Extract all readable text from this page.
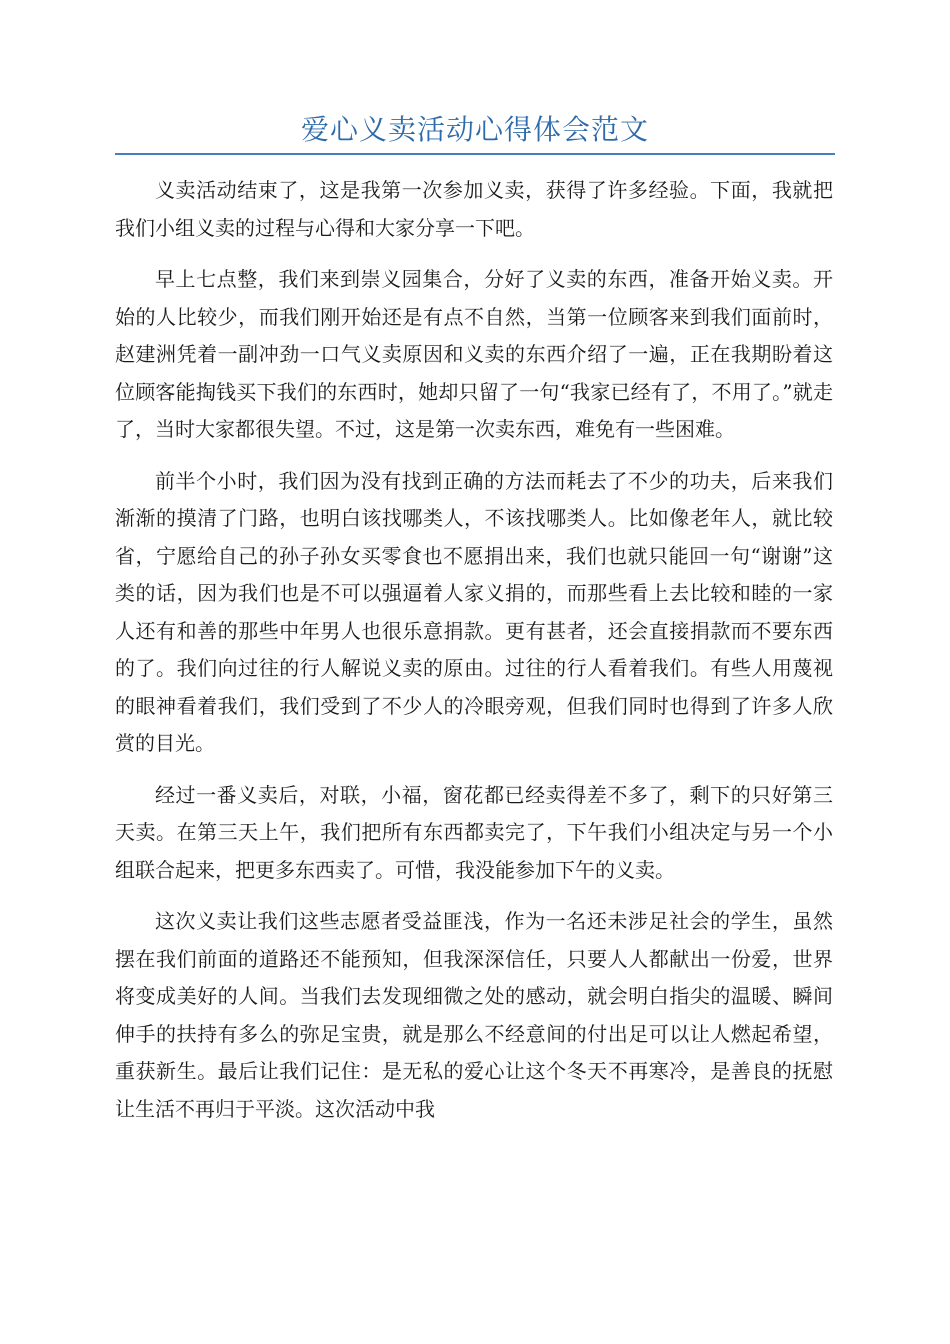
爱心义卖活动心得体会范文

义卖活动结束了，这是我第一次参加义卖，获得了许多经验。下面，我就把我们小组义卖的过程与心得和大家分享一下吧。

早上七点整，我们来到崇义园集合，分好了义卖的东西，准备开始义卖。开始的人比较少，而我们刚开始还是有点不自然，当第一位顾客来到我们面前时，赵建洲凭着一副冲劲一口气义卖原因和义卖的东西介绍了一遍，正在我期盼着这位顾客能掏钱买下我们的东西时，她却只留了一句“我家已经有了，不用了。”就走了，当时大家都很失望。不过，这是第一次卖东西，难免有一些困难。

前半个小时，我们因为没有找到正确的方法而耗去了不少的功夫，后来我们渐渐的摸清了门路，也明白该找哪类人，不该找哪类人。比如像老年人，就比较省，宁愿给自己的孙子孙女买零食也不愿捐出来，我们也就只能回一句“谢谢”这类的话，因为我们也是不可以强逼着人家义捐的，而那些看上去比较和睦的一家人还有和善的那些中年男人也很乐意捐款。更有甚者，还会直接捐款而不要东西的了。我们向过往的行人解说义卖的原由。过往的行人看着我们。有些人用蔑视的眼神看着我们，我们受到了不少人的冷眼旁观，但我们同时也得到了许多人欣赏的目光。

经过一番义卖后，对联，小福，窗花都已经卖得差不多了，剩下的只好第三天卖。在第三天上午，我们把所有东西都卖完了，下午我们小组决定与另一个小组联合起来，把更多东西卖了。可惜，我没能参加下午的义卖。

这次义卖让我们这些志愿者受益匪浅，作为一名还未涉足社会的学生，虽然摆在我们前面的道路还不能预知，但我深深信任，只要人人都献出一份爱，世界将变成美好的人间。当我们去发现细微之处的感动，就会明白指尖的温暖、瞬间伸手的扶持有多么的弥足宝贵，就是那么不经意间的付出足可以让人燃起希望，重获新生。最后让我们记住：是无私的爱心让这个冬天不再寒冷，是善良的抚慰让生活不再归于平淡。这次活动中我
